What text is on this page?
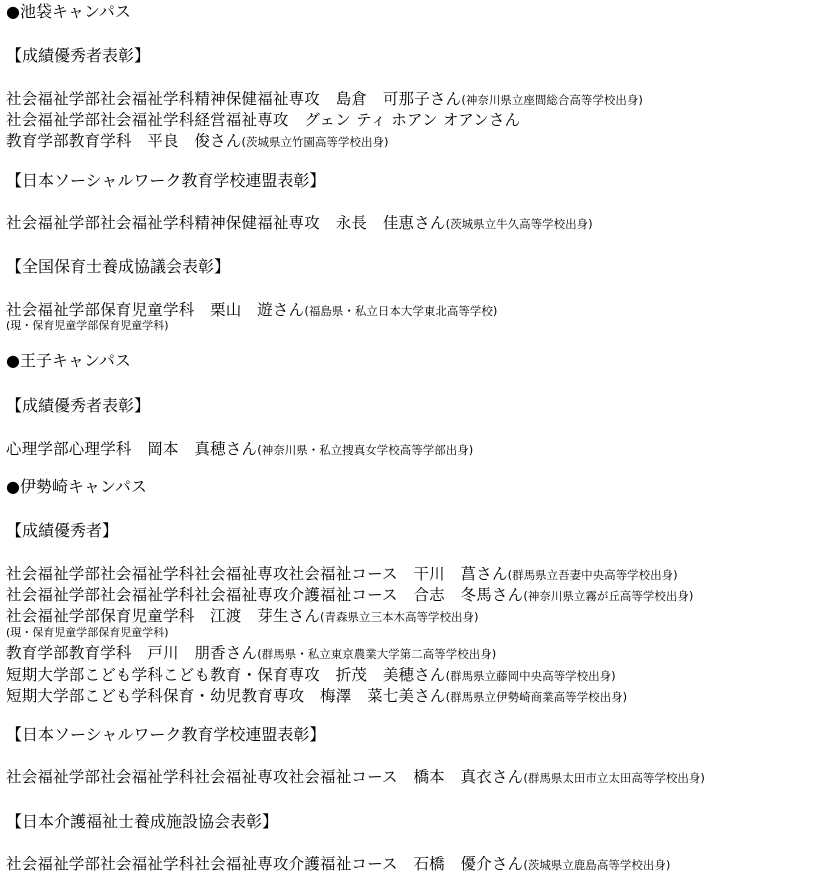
●池袋キャンパス
【成績優秀者表彰】
社会福祉学部社会福祉学科精神保健福祉専攻　 島倉　可那子さん(神奈川県立座間総合高等学校出身)
社会福祉学部社会福祉学科経営福祉専攻　 グェン ティ ホアン オアンさん
教育学部教育学科　 平良　俊さん(茨城県立竹園高等学校出身)
【日本ソーシャルワーク教育学校連盟表彰】
社会福祉学部社会福祉学科精神保健福祉専攻　 永長　佳恵さん(茨城県立牛久高等学校出身)
【全国保育士養成協議会表彰】
社会福祉学部保育児童学科　 栗山　遊さん(福島県・私立日本大学東北高等学校)
(現・保育児童学部保育児童学科)
●王子キャンパス
【成績優秀者表彰】
心理学部心理学科　 岡本　真穂さん(神奈川県・私立捜真女学校高等学部出身)
●伊勢崎キャンパス
【成績優秀者】
社会福祉学部社会福祉学科社会福祉専攻社会福祉コース　 干川　菖さん(群馬県立吾妻中央高等学校出身)
社会福祉学部社会福祉学科社会福祉専攻介護福祉コース　 合志　冬馬さん(神奈川県立霧が丘高等学校出身)
社会福祉学部保育児童学科　 江渡　芽生さん(青森県立三本木高等学校出身)
(現・保育児童学部保育児童学科)
教育学部教育学科　 戸川　朋香さん(群馬県・私立東京農業大学第二高等学校出身)
短期大学部こども学科こども教育・保育専攻　 折茂　美穂さん(群馬県立藤岡中央高等学校出身)
短期大学部こども学科保育・幼児教育専攻　 梅澤　菜七美さん(群馬県立伊勢崎商業高等学校出身)
【日本ソーシャルワーク教育学校連盟表彰】
社会福祉学部社会福祉学科社会福祉専攻社会福祉コース　 橋本　真衣さん(群馬県太田市立太田高等学校出身)
【日本介護福祉士養成施設協会表彰】
社会福祉学部社会福祉学科社会福祉専攻介護福祉コース　 石橋　優介さん(茨城県立鹿島高等学校出身)
